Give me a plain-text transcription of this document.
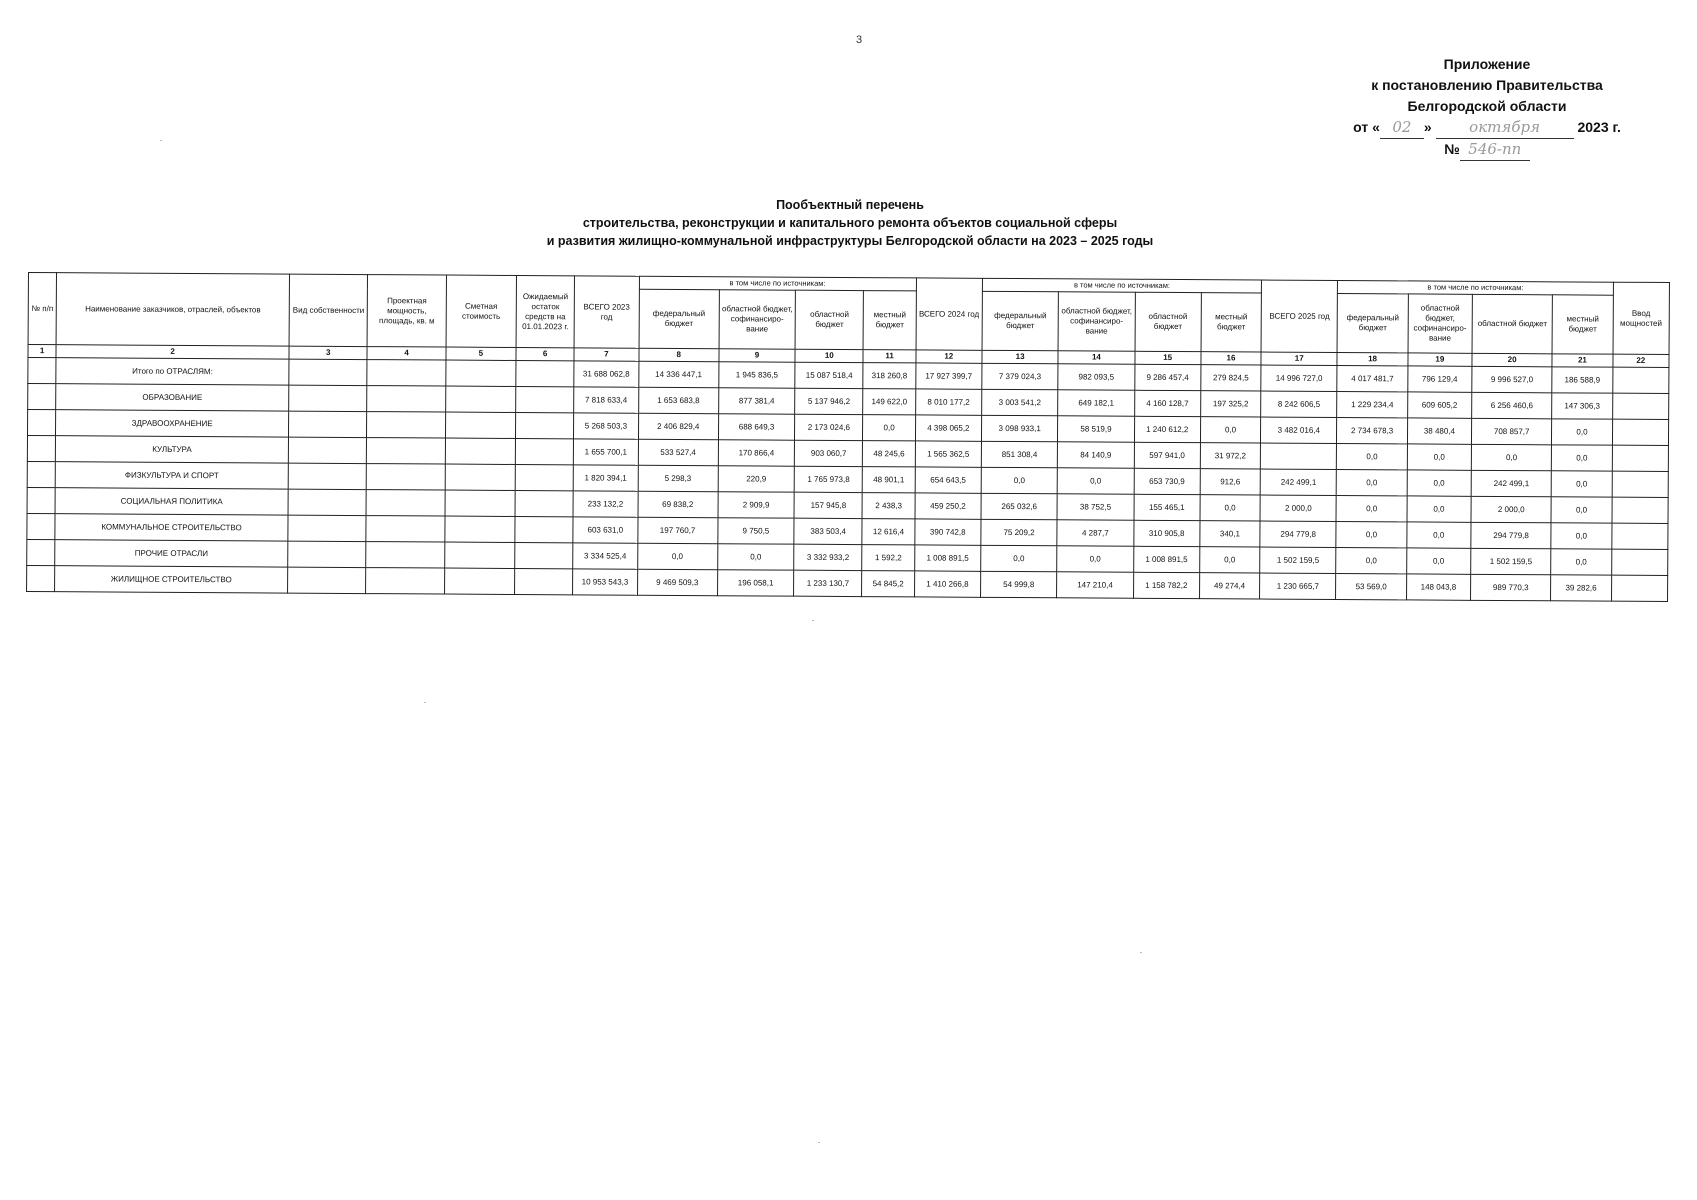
3
Приложение
к постановлению Правительства
Белгородской области
от « 02 » октября	2023 г.
№ 546-пп
Пообъектный перечень
строительства, реконструкции и капитального ремонта объектов социальной сферы
и развития жилищно-коммунальной инфраструктуры Белгородской области на 2023 – 2025 годы
№ п/п	Наименование заказчиков, отраслей, объектов	Вид собственности	Проектная мощность, площадь, кв. м	Сметная стоимость	Ожидаемый остаток средств на 01.01.2023 г.	ВСЕГО 2023 год	в том числе по источникам:				ВСЕГО 2024 год	в том числе по источникам:				ВСЕГО 2025 год	в том числе по источникам:				Ввод мощностей
							федеральный бюджет	областной бюджет, софинансиро-вание	областной бюджет	местный бюджет		федеральный бюджет	областной бюджет, софинансиро-вание	областной бюджет	местный бюджет		федеральный бюджет	областной бюджет, софинансиро-вание	областной бюджет	местный бюджет	
1	2	3	4	5	6	7	8	9	10	11	12	13	14	15	16	17	18	19	20	21	22
	Итого по ОТРАСЛЯМ:					31 688 062,8	14 336 447,1	1 945 836,5	15 087 518,4	318 260,8	17 927 399,7	7 379 024,3	982 093,5	9 286 457,4	279 824,5	14 996 727,0	4 017 481,7	796 129,4	9 996 527,0	186 588,9	
	ОБРАЗОВАНИЕ					7 818 633,4	1 653 683,8	877 381,4	5 137 946,2	149 622,0	8 010 177,2	3 003 541,2	649 182,1	4 160 128,7	197 325,2	8 242 606,5	1 229 234,4	609 605,2	6 256 460,6	147 306,3	
	ЗДРАВООХРАНЕНИЕ					5 268 503,3	2 406 829,4	688 649,3	2 173 024,6	0,0	4 398 065,2	3 098 933,1	58 519,9	1 240 612,2	0,0	3 482 016,4	2 734 678,3	38 480,4	708 857,7	0,0	
	КУЛЬТУРА					1 655 700,1	533 527,4	170 866,4	903 060,7	48 245,6	1 565 362,5	851 308,4	84 140,9	597 941,0	31 972,2		0,0	0,0	0,0	0,0	
	ФИЗКУЛЬТУРА И СПОРТ					1 820 394,1	5 298,3	220,9	1 765 973,8	48 901,1	654 643,5	0,0	0,0	653 730,9	912,6	242 499,1	0,0	0,0	242 499,1	0,0	
	СОЦИАЛЬНАЯ ПОЛИТИКА					233 132,2	69 838,2	2 909,9	157 945,8	2 438,3	459 250,2	265 032,6	38 752,5	155 465,1	0,0	2 000,0	0,0	0,0	2 000,0	0,0	
	КОММУНАЛЬНОЕ СТРОИТЕЛЬСТВО					603 631,0	197 760,7	9 750,5	383 503,4	12 616,4	390 742,8	75 209,2	4 287,7	310 905,8	340,1	294 779,8	0,0	0,0	294 779,8	0,0	
	ПРОЧИЕ ОТРАСЛИ					3 334 525,4	0,0	0,0	3 332 933,2	1 592,2	1 008 891,5	0,0	0,0	1 008 891,5	0,0	1 502 159,5	0,0	0,0	1 502 159,5	0,0	
	ЖИЛИЩНОЕ СТРОИТЕЛЬСТВО					10 953 543,3	9 469 509,3	196 058,1	1 233 130,7	54 845,2	1 410 266,8	54 999,8	147 210,4	1 158 782,2	49 274,4	1 230 665,7	53 569,0	148 043,8	989 770,3	39 282,6	
